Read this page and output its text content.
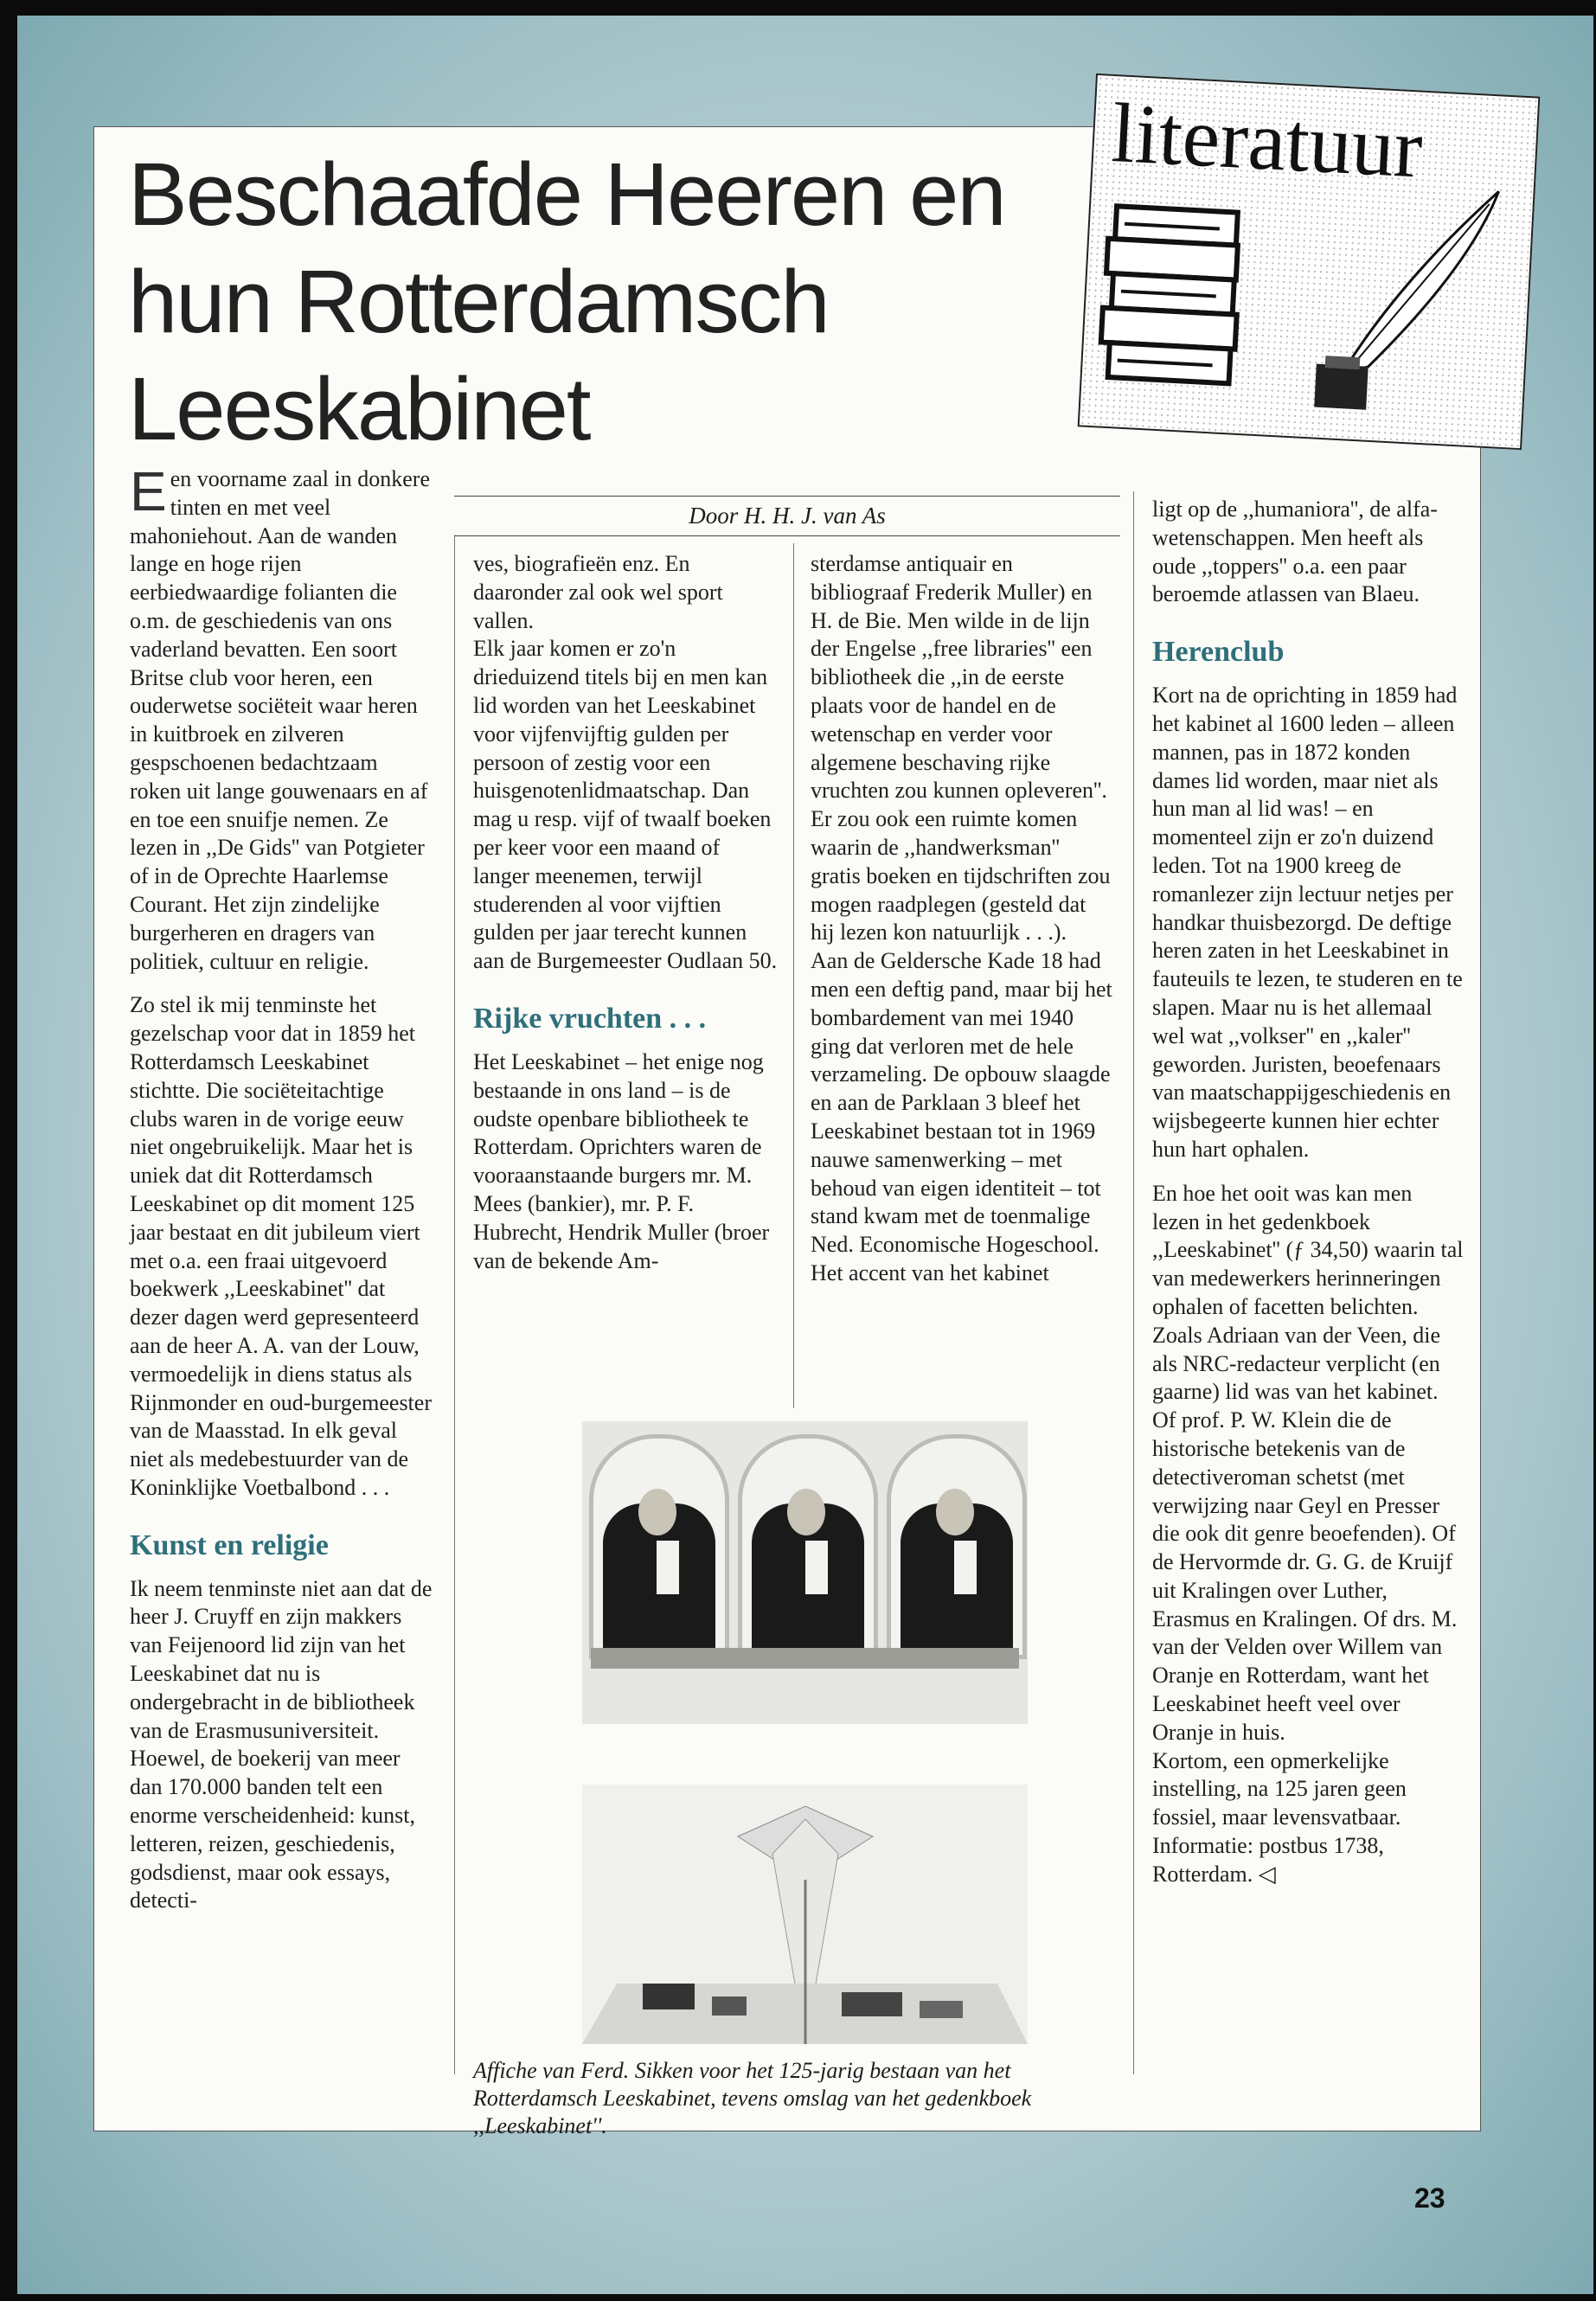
Beschaafde Heeren en hun Rotterdamsch Leeskabinet
literatuur
Door H. H. J. van As

Een voorname zaal in donkere tinten en met veel mahoniehout. Aan de wanden lange en hoge rijen eerbiedwaardige folianten die o.m. de geschiedenis van ons vaderland bevatten. Een soort Britse club voor heren, een ouderwetse sociëteit waar heren in kuitbroek en zilveren gespschoenen bedachtzaam roken uit lange gouwenaars en af en toe een snuifje nemen. Ze lezen in ,,De Gids'' van Potgieter of in de Oprechte Haarlemse Courant. Het zijn zindelijke burgerheren en dragers van politiek, cultuur en religie.

Zo stel ik mij tenminste het gezelschap voor dat in 1859 het Rotterdamsch Leeskabinet stichtte. Die sociëteitachtige clubs waren in de vorige eeuw niet ongebruikelijk. Maar het is uniek dat dit Rotterdamsch Leeskabinet op dit moment 125 jaar bestaat en dit jubileum viert met o.a. een fraai uitgevoerd boekwerk ,,Leeskabinet'' dat dezer dagen werd gepresenteerd aan de heer A. A. van der Louw, vermoedelijk in diens status als Rijnmonder en oud-burgemeester van de Maasstad. In elk geval niet als medebestuurder van de Koninklijke Voetbalbond . . .

Kunst en religie

Ik neem tenminste niet aan dat de heer J. Cruyff en zijn makkers van Feijenoord lid zijn van het Leeskabinet dat nu is ondergebracht in de bibliotheek van de Erasmusuniversiteit. Hoewel, de boekerij van meer dan 170.000 banden telt een enorme verscheidenheid: kunst, letteren, reizen, geschiedenis, godsdienst, maar ook essays, detecti-

ves, biografieën enz. En daaronder zal ook wel sport vallen.

Elk jaar komen er zo'n drieduizend titels bij en men kan lid worden van het Leeskabinet voor vijfenvijftig gulden per persoon of zestig voor een huisgenotenlidmaatschap. Dan mag u resp. vijf of twaalf boeken per keer voor een maand of langer meenemen, terwijl studerenden al voor vijftien gulden per jaar terecht kunnen aan de Burgemeester Oudlaan 50.

Rijke vruchten . . .

Het Leeskabinet – het enige nog bestaande in ons land – is de oudste openbare bibliotheek te Rotterdam. Oprichters waren de vooraanstaande burgers mr. M. Mees (bankier), mr. P. F. Hubrecht, Hendrik Muller (broer van de bekende Am-

sterdamse antiquair en bibliograaf Frederik Muller) en H. de Bie. Men wilde in de lijn der Engelse ,,free libraries'' een bibliotheek die ,,in de eerste plaats voor de handel en de wetenschap en verder voor algemene beschaving rijke vruchten zou kunnen opleveren''. Er zou ook een ruimte komen waarin de ,,handwerksman'' gratis boeken en tijdschriften zou mogen raadplegen (gesteld dat hij lezen kon natuurlijk . . .).

Aan de Geldersche Kade 18 had men een deftig pand, maar bij het bombardement van mei 1940 ging dat verloren met de hele verzameling. De opbouw slaagde en aan de Parklaan 3 bleef het Leeskabinet bestaan tot in 1969 nauwe samenwerking – met behoud van eigen identiteit – tot stand kwam met de toenmalige Ned. Economische Hogeschool. Het accent van het kabinet

ligt op de ,,humaniora'', de alfa-wetenschappen. Men heeft als oude ,,toppers'' o.a. een paar beroemde atlassen van Blaeu.

Herenclub

Kort na de oprichting in 1859 had het kabinet al 1600 leden – alleen mannen, pas in 1872 konden dames lid worden, maar niet als hun man al lid was! – en momenteel zijn er zo'n duizend leden. Tot na 1900 kreeg de romanlezer zijn lectuur netjes per handkar thuisbezorgd. De deftige heren zaten in het Leeskabinet in fauteuils te lezen, te studeren en te slapen. Maar nu is het allemaal wel wat ,,volkser'' en ,,kaler'' geworden. Juristen, beoefenaars van maatschappijgeschiedenis en wijsbegeerte kunnen hier echter hun hart ophalen.

En hoe het ooit was kan men lezen in het gedenkboek ,,Leeskabinet'' (ƒ 34,50) waarin tal van medewerkers herinneringen ophalen of facetten belichten. Zoals Adriaan van der Veen, die als NRC-redacteur verplicht (en gaarne) lid was van het kabinet. Of prof. P. W. Klein die de historische betekenis van de detectiveroman schetst (met verwijzing naar Geyl en Presser die ook dit genre beoefenden). Of de Hervormde dr. G. G. de Kruijf uit Kralingen over Luther, Erasmus en Kralingen. Of drs. M. van der Velden over Willem van Oranje en Rotterdam, want het Leeskabinet heeft veel over Oranje in huis.

Kortom, een opmerkelijke instelling, na 125 jaren geen fossiel, maar levensvatbaar. Informatie: postbus 1738, Rotterdam. ◁

Affiche van Ferd. Sikken voor het 125-jarig bestaan van het Rotterdamsch Leeskabinet, tevens omslag van het gedenkboek ,,Leeskabinet''.
23
